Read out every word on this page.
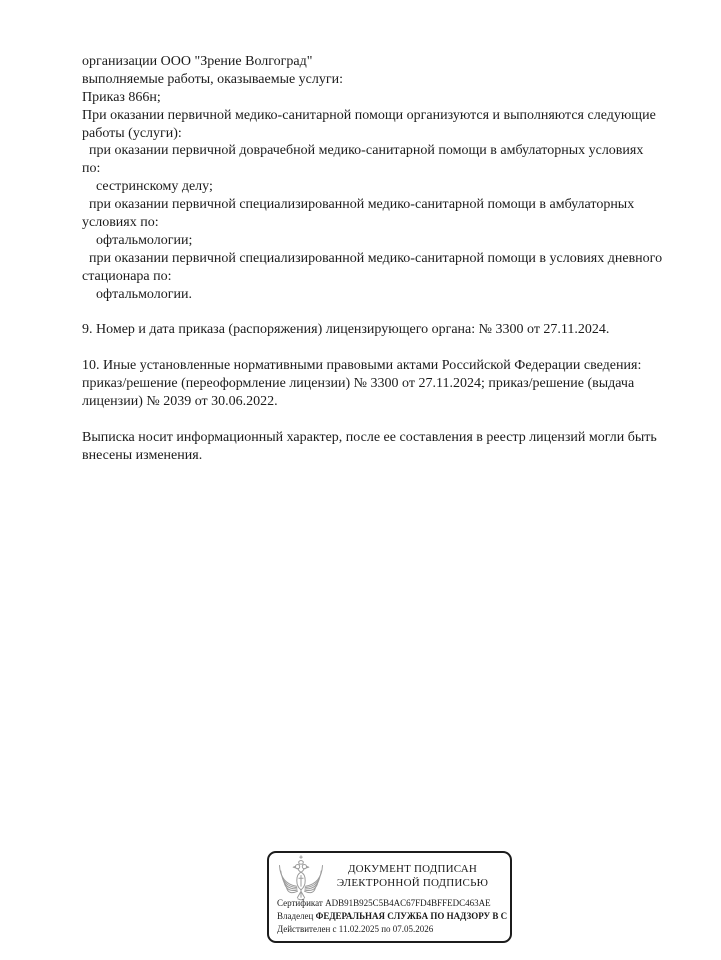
организации ООО "Зрение Волгоград"
выполняемые работы, оказываемые услуги:
Приказ 866н;
При оказании первичной медико-санитарной помощи организуются и выполняются следующие
работы (услуги):
при оказании первичной доврачебной медико-санитарной помощи в амбулаторных условиях
по:
сестринскому делу;
при оказании первичной специализированной медико-санитарной помощи в амбулаторных
условиях по:
офтальмологии;
при оказании первичной специализированной медико-санитарной помощи в условиях дневного
стационара по:
офтальмологии.
9. Номер и дата приказа (распоряжения) лицензирующего органа: № 3300 от 27.11.2024.
10. Иные установленные нормативными правовыми актами Российской Федерации сведения:
приказ/решение (переоформление лицензии) № 3300 от 27.11.2024; приказ/решение (выдача
лицензии) № 2039 от 30.06.2022.
Выписка носит информационный характер, после ее составления в реестр лицензий могли быть
внесены изменения.
ДОКУМЕНТ ПОДПИСАН
ЭЛЕКТРОННОЙ ПОДПИСЬЮ
Сертификат ADB91B925C5B4AC67FD4BFFEDC463AE
Владелец ФЕДЕРАЛЬНАЯ СЛУЖБА ПО НАДЗОРУ В С
Действителен с 11.02.2025 по 07.05.2026
